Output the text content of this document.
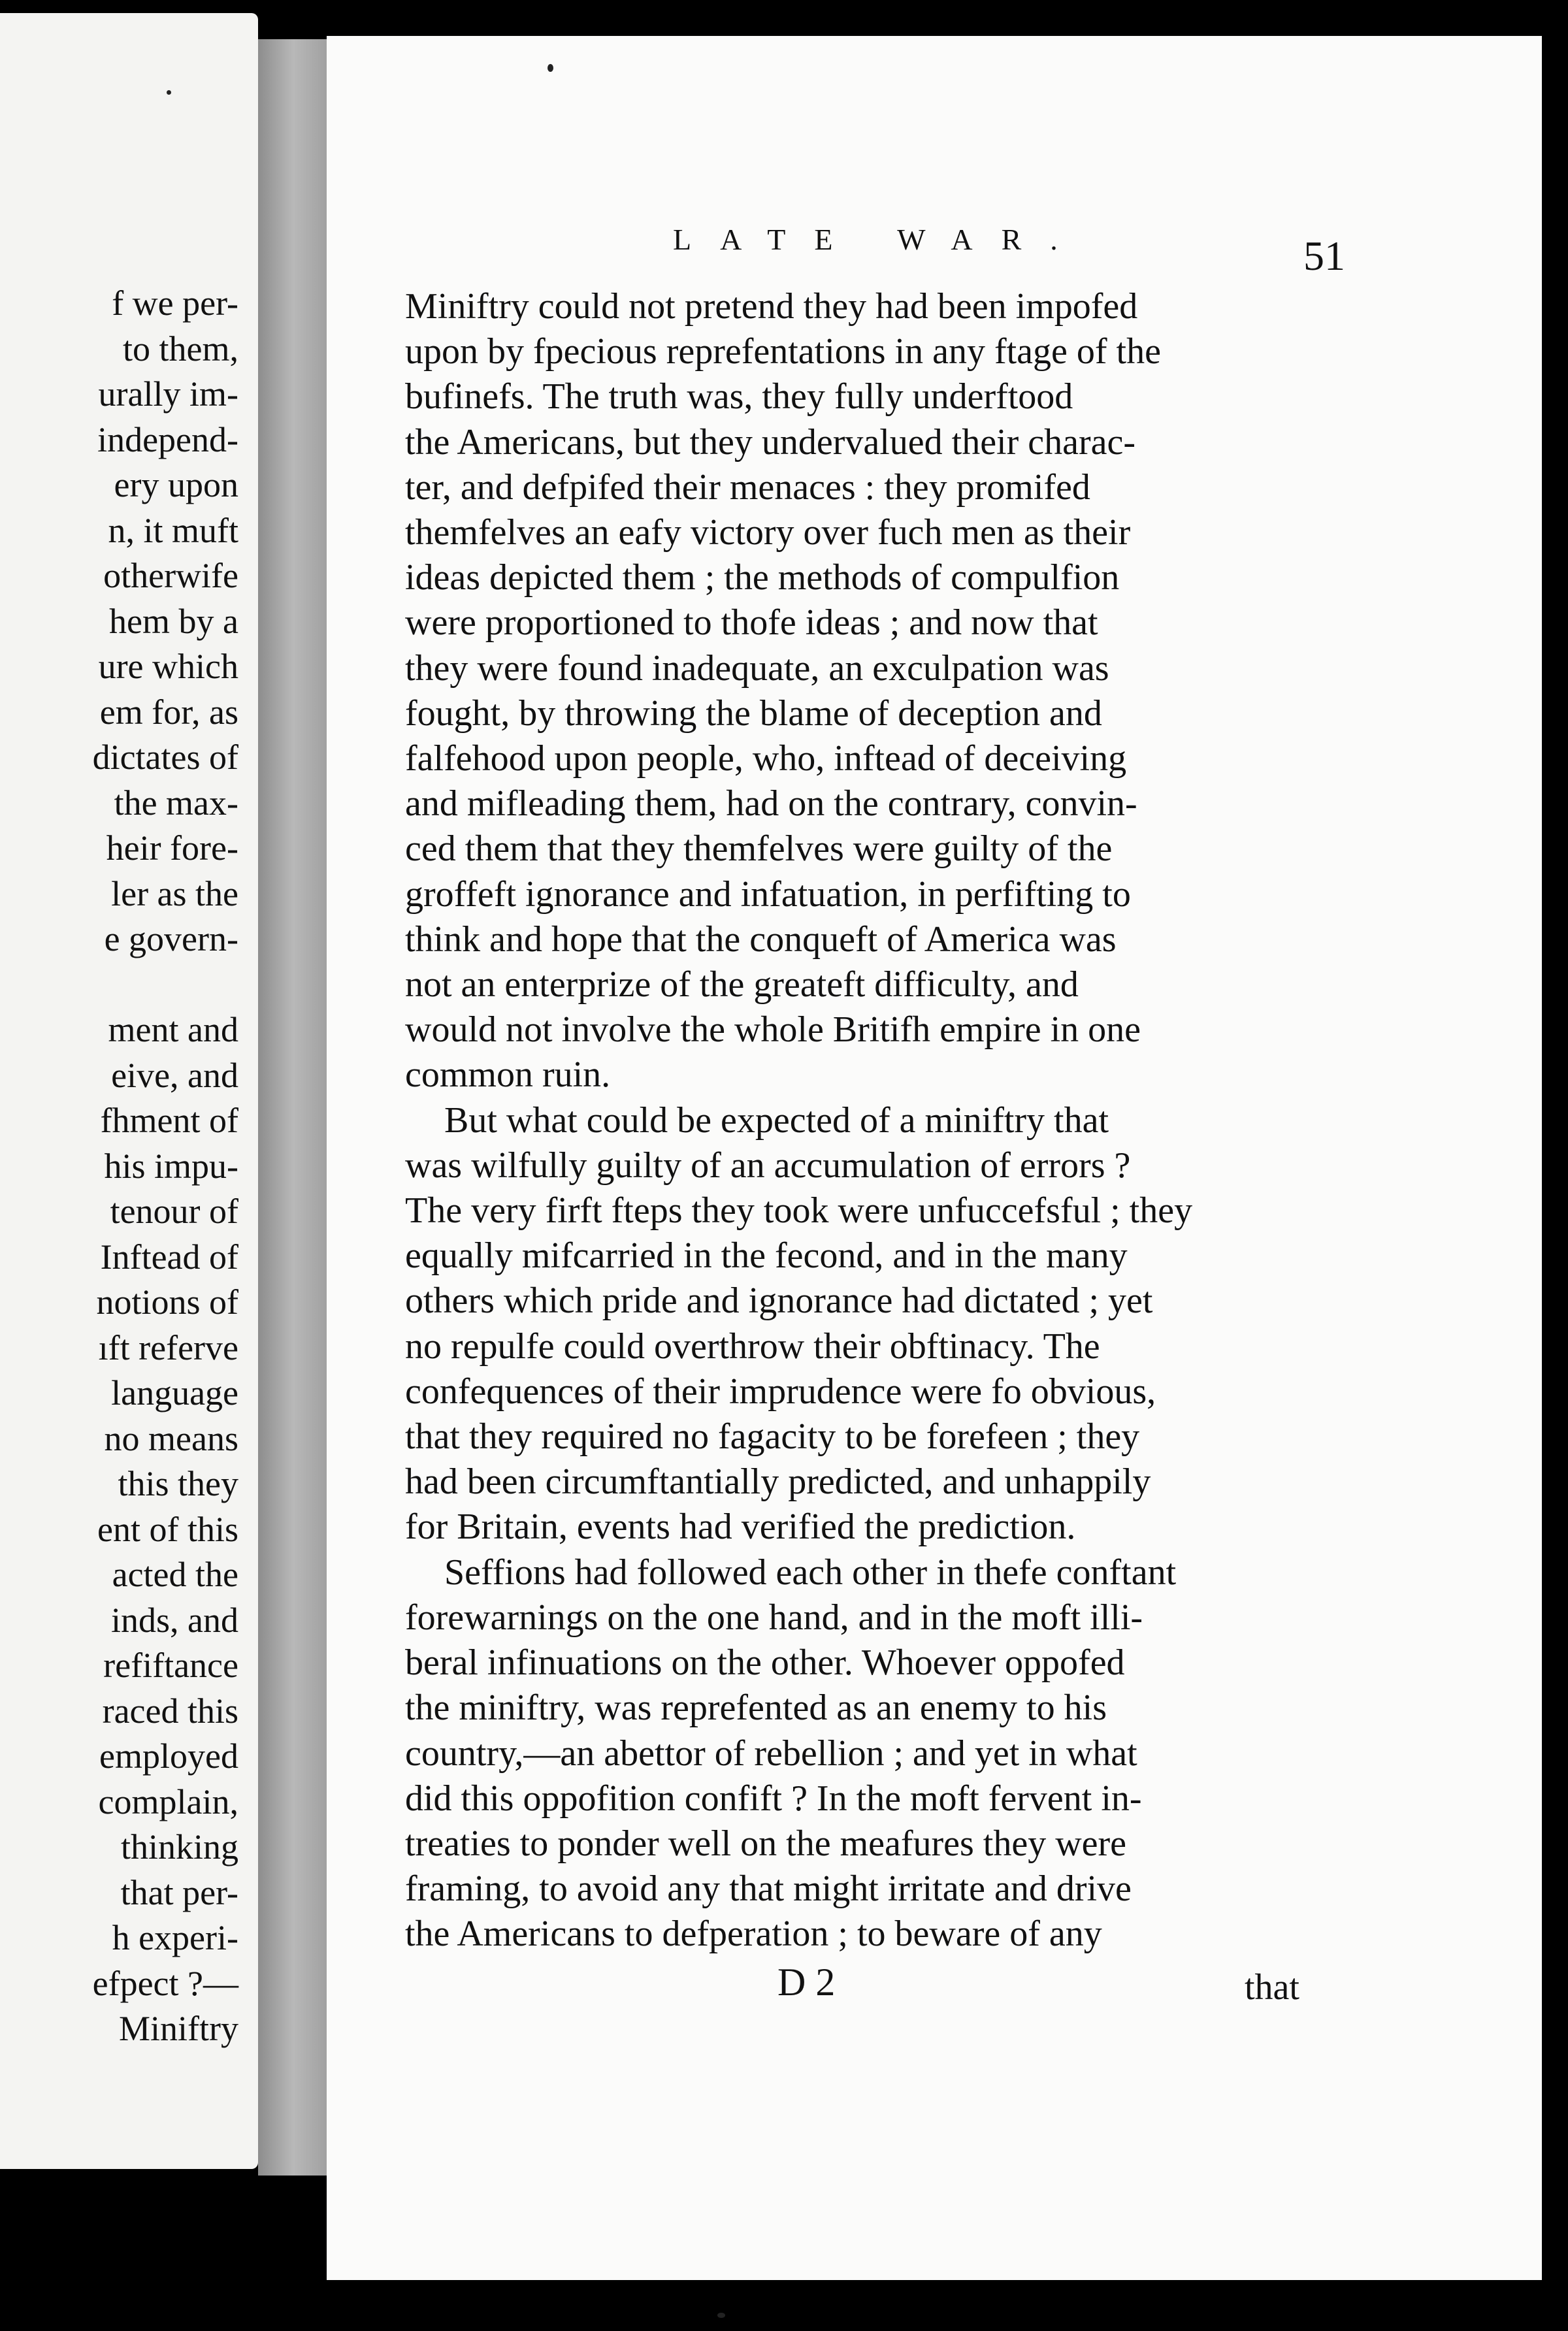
f we per-
to them,
urally im-
independ-
ery upon
n, it muft
otherwife
hem by a
ure which
em for, as
dictates of
the max-
heir fore-
ler as the
e govern-
ment and
eive, and
fhment of
his impu-
tenour of
Inftead of
notions of
ıft referve
language
no means
this they
ent of this
acted the
inds, and
refiftance
raced this
employed
complain,
thinking
that per-
h experi-
efpect ?—
Miniftry
LATE WAR.	51
Miniftry could not pretend they had been impofed
upon by fpecious reprefentations in any ftage of the
bufinefs. The truth was, they fully underftood
the Americans, but they undervalued their charac-
ter, and defpifed their menaces : they promifed
themfelves an eafy victory over fuch men as their
ideas depicted them ; the methods of compulfion
were proportioned to thofe ideas ; and now that
they were found inadequate, an exculpation was
fought, by throwing the blame of deception and
falfehood upon people, who, inftead of deceiving
and mifleading them, had on the contrary, convin-
ced them that they themfelves were guilty of the
groffeft ignorance and infatuation, in perfifting to
think and hope that the conqueft of America was
not an enterprize of the greateft difficulty, and
would not involve the whole Britifh empire in one
common ruin.
But what could be expected of a miniftry that
was wilfully guilty of an accumulation of errors ?
The very firft fteps they took were unfuccefsful ; they
equally mifcarried in the fecond, and in the many
others which pride and ignorance had dictated ; yet
no repulfe could overthrow their obftinacy. The
confequences of their imprudence were fo obvious,
that they required no fagacity to be forefeen ; they
had been circumftantially predicted, and unhappily
for Britain, events had verified the prediction.
Seffions had followed each other in thefe conftant
forewarnings on the one hand, and in the moft illi-
beral infinuations on the other. Whoever oppofed
the miniftry, was reprefented as an enemy to his
country,—an abettor of rebellion ; and yet in what
did this oppofition confift ? In the moft fervent in-
treaties to ponder well on the meafures they were
framing, to avoid any that might irritate and drive
the Americans to defperation ; to beware of any
D 2	that
